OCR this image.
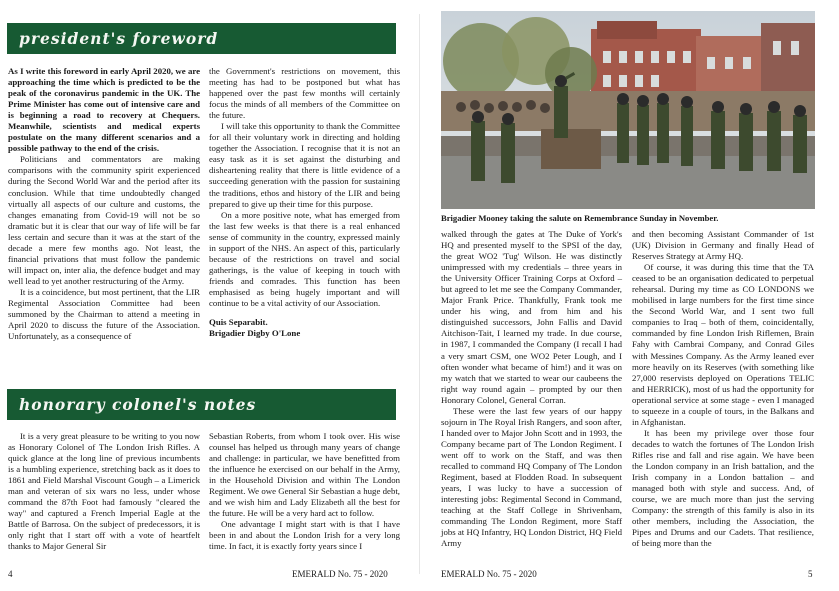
president's foreword

As I write this foreword in early April 2020, we are approaching the time which is predicted to be the peak of the coronavirus pandemic in the UK. The Prime Minister has come out of intensive care and is beginning a road to recovery at Chequers. Meanwhile, scientists and medical experts postulate on the many different scenarios and a possible pathway to the end of the crisis.

Politicians and commentators are making comparisons with the community spirit experienced during the Second World War and the period after its conclusion. While that time undoubtedly changed virtually all aspects of our culture and customs, the changes emanating from Covid-19 will not be so dramatic but it is clear that our way of life will be far less certain and secure than it was at the start of the decade a mere few months ago. Not least, the financial privations that must follow the pandemic will impact on, inter alia, the defence budget and may well lead to yet another restructuring of the Army.

It is a coincidence, but most pertinent, that the LIR Regimental Association Committee had been summoned by the Chairman to attend a meeting in April 2020 to discuss the future of the Association. Unfortunately, as a consequence of

the Government's restrictions on movement, this meeting has had to be postponed but what has happened over the past few months will certainly focus the minds of all members of the Committee on the future.

I will take this opportunity to thank the Committee for all their voluntary work in directing and holding together the Association. I recognise that it is not an easy task as it is set against the disturbing and disheartening reality that there is little evidence of a succeeding generation with the passion for sustaining the traditions, ethos and history of the LIR and being prepared to give up their time for this purpose.

On a more positive note, what has emerged from the last few weeks is that there is a real enhanced sense of community in the country, expressed mainly in support of the NHS. An aspect of this, particularly because of the restrictions on travel and social gatherings, is the value of keeping in touch with friends and comrades. This function has been emphasised as being hugely important and will continue to be a vital activity of our Association.

Quis Separabit.

Brigadier Digby O'Lone

honorary colonel's notes

It is a very great pleasure to be writing to you now as Honorary Colonel of The London Irish Rifles. A quick glance at the long line of previous incumbents is a humbling experience, stretching back as it does to 1861 and Field Marshal Viscount Gough – a Limerick man and veteran of six wars no less, under whose command the 87th Foot had famously "cleared the way" and captured a French Imperial Eagle at the Battle of Barrosa. On the subject of predecessors, it is only right that I start off with a vote of heartfelt thanks to Major General Sir

Sebastian Roberts, from whom I took over. His wise counsel has helped us through many years of change and challenge: in particular, we have benefitted from the influence he exercised on our behalf in the Army, in the Household Division and within The London Regiment. We owe General Sir Sebastian a huge debt, and we wish him and Lady Elizabeth all the best for the future. He will be a very hard act to follow.

One advantage I might start with is that I have been in and about the London Irish for a very long time. In fact, it is exactly forty years since I

4	EMERALD No. 75 - 2020
Brigadier Mooney taking the salute on Remembrance Sunday in November.

walked through the gates at The Duke of York's HQ and presented myself to the SPSI of the day, the great WO2 'Tug' Wilson. He was distinctly unimpressed with my credentials – three years in the University Officer Training Corps at Oxford – but agreed to let me see the Company Commander, Major Frank Price. Thankfully, Frank took me under his wing, and from him and his distinguished successors, John Fallis and David Aitchison-Tait, I learned my trade. In due course, in 1987, I commanded the Company (I recall I had a very smart CSM, one WO2 Peter Lough, and I often wonder what became of him!) and it was on my watch that we started to wear our caubeens the right way round again – prompted by our then Honorary Colonel, General Corran.

These were the last few years of our happy sojourn in The Royal Irish Rangers, and soon after, I handed over to Major John Scott and in 1993, the Company became part of The London Regiment. I went off to work on the Staff, and was then recalled to command HQ Company of The London Regiment, based at Flodden Road. In subsequent years, I was lucky to have a succession of interesting jobs: Regimental Second in Command, teaching at the Staff College in Shrivenham, commanding The London Regiment, more Staff jobs at HQ Infantry, HQ London District, HQ Field Army

and then becoming Assistant Commander of 1st (UK) Division in Germany and finally Head of Reserves Strategy at Army HQ.

Of course, it was during this time that the TA ceased to be an organisation dedicated to perpetual rehearsal. During my time as CO LONDONS we mobilised in large numbers for the first time since the Second World War, and I sent two full companies to Iraq – both of them, coincidentally, commanded by fine London Irish Riflemen, Brain Fahy with Cambrai Company, and Conrad Giles with Messines Company. As the Army leaned ever more heavily on its Reserves (with something like 27,000 reservists deployed on Operations TELIC and HERRICK), most of us had the opportunity for operational service at some stage - even I managed to squeeze in a couple of tours, in the Balkans and in Afghanistan.

It has been my privilege over those four decades to watch the fortunes of The London Irish Rifles rise and fall and rise again. We have been the London company in an Irish battalion, and the Irish company in a London battalion – and managed both with style and success. And, of course, we are much more than just the serving Company: the strength of this family is also in its other members, including the Association, the Pipes and Drums and our Cadets. That resilience, of being more than the

EMERALD No. 75 - 2020	5
